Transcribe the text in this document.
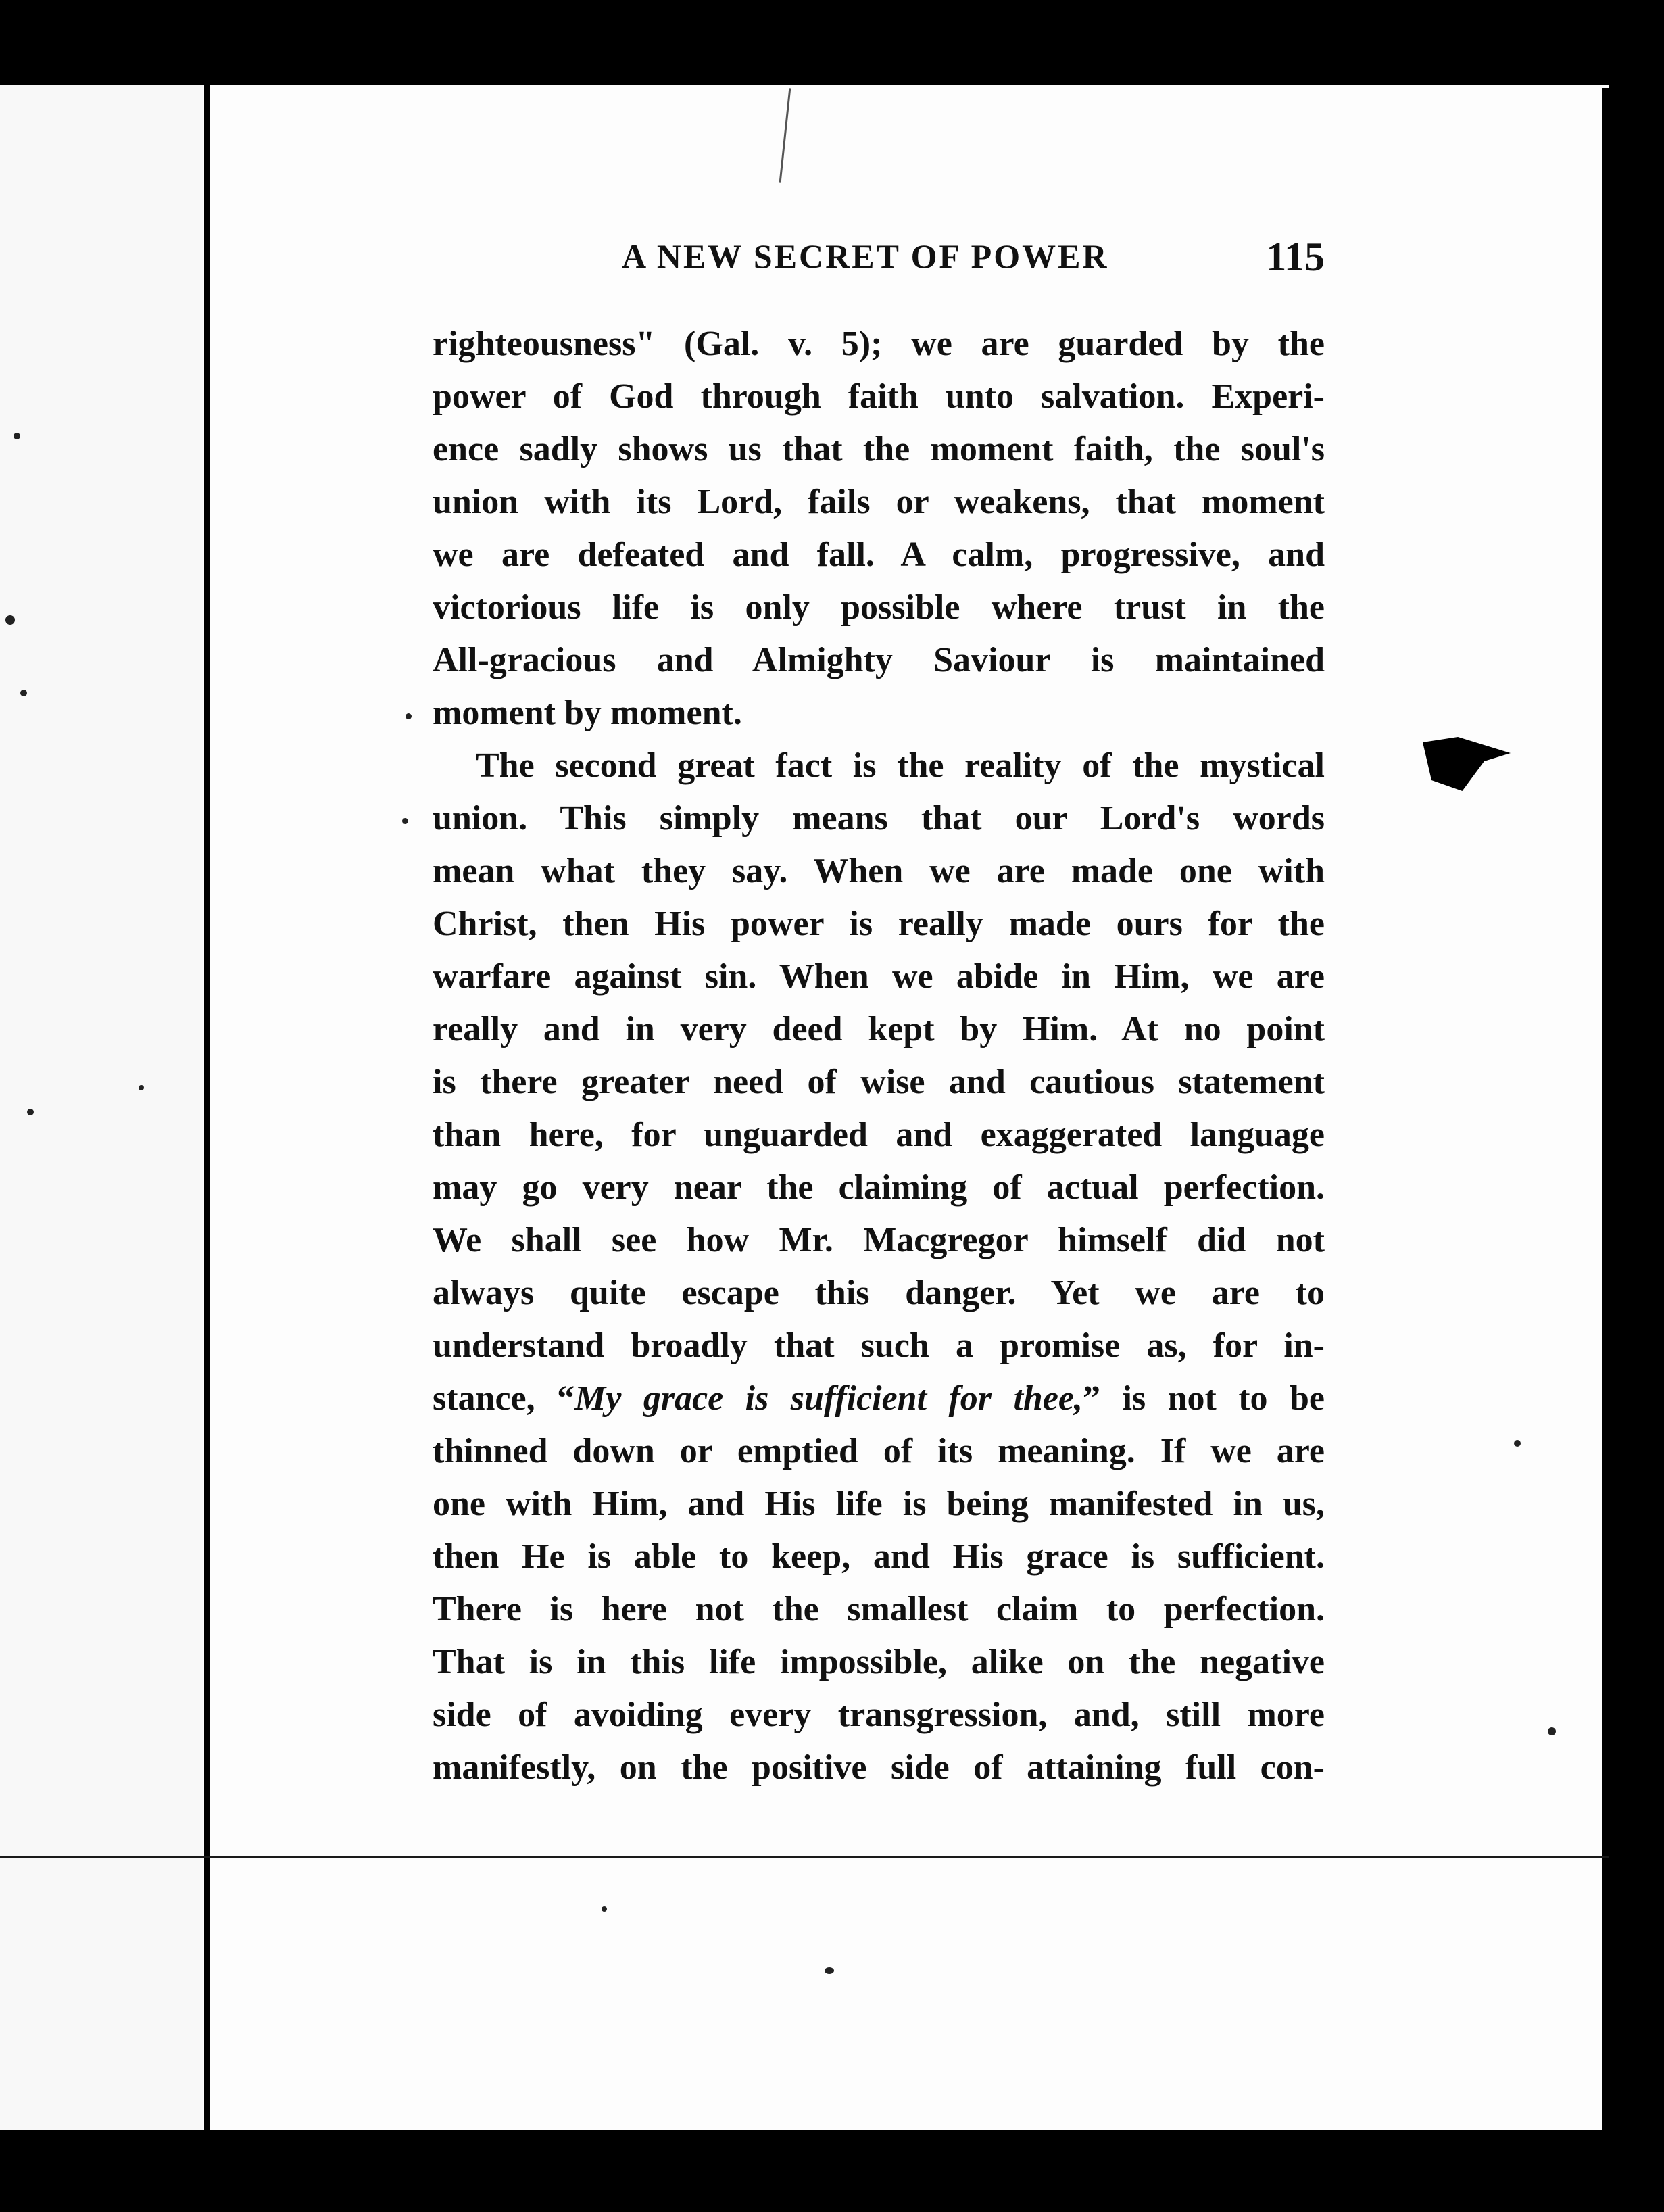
A NEW SECRET OF POWER	115
righteousness" (Gal. v. 5); we are guarded by the
power of God through faith unto salvation. Experi-
ence sadly shows us that the moment faith, the soul's
union with its Lord, fails or weakens, that moment
we are defeated and fall. A calm, progressive, and
victorious life is only possible where trust in the
All-gracious and Almighty Saviour is maintained
moment by moment.
The second great fact is the reality of the mystical
union. This simply means that our Lord's words
mean what they say. When we are made one with
Christ, then His power is really made ours for the
warfare against sin. When we abide in Him, we are
really and in very deed kept by Him. At no point
is there greater need of wise and cautious statement
than here, for unguarded and exaggerated language
may go very near the claiming of actual perfection.
We shall see how Mr. Macgregor himself did not
always quite escape this danger. Yet we are to
understand broadly that such a promise as, for in-
stance, “My grace is sufficient for thee,” is not to be
thinned down or emptied of its meaning. If we are
one with Him, and His life is being manifested in us,
then He is able to keep, and His grace is sufficient.
There is here not the smallest claim to perfection.
That is in this life impossible, alike on the negative
side of avoiding every transgression, and, still more
manifestly, on the positive side of attaining full con-
